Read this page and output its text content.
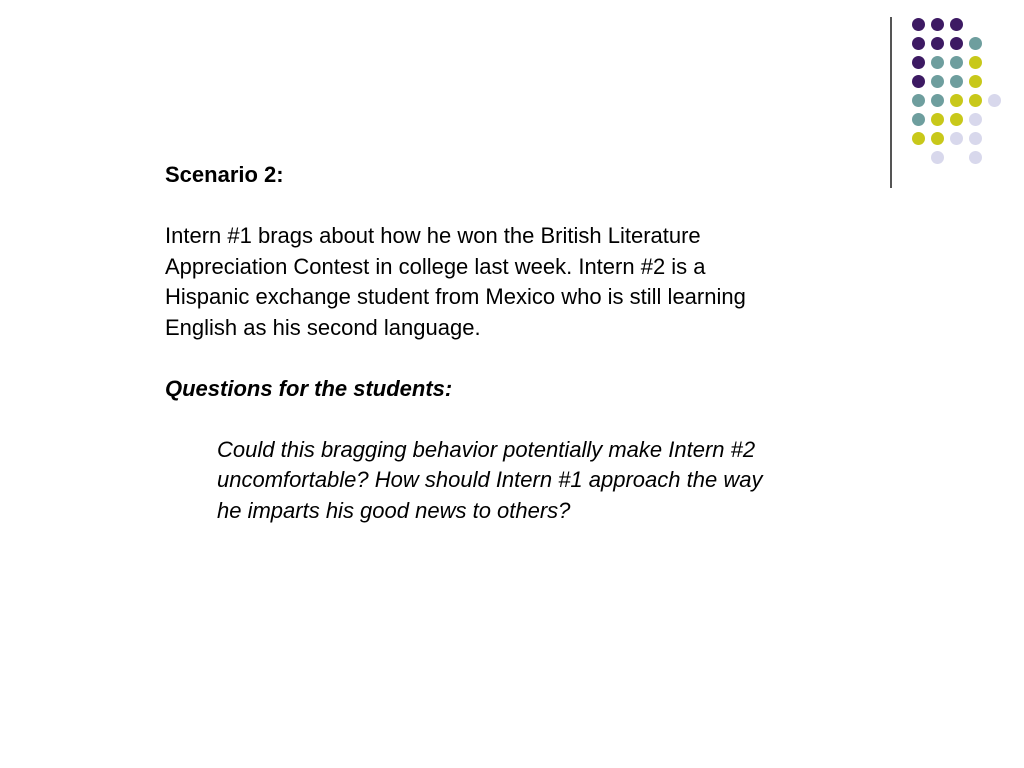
Scenario 2:
Intern #1 brags about how he won the British Literature
Appreciation Contest in college last week. Intern #2 is a
Hispanic exchange student from Mexico who is still learning
English as his second language.
Questions for the students:
Could this bragging behavior potentially make Intern #2
uncomfortable? How should Intern #1 approach the way
he imparts his good news to others?
